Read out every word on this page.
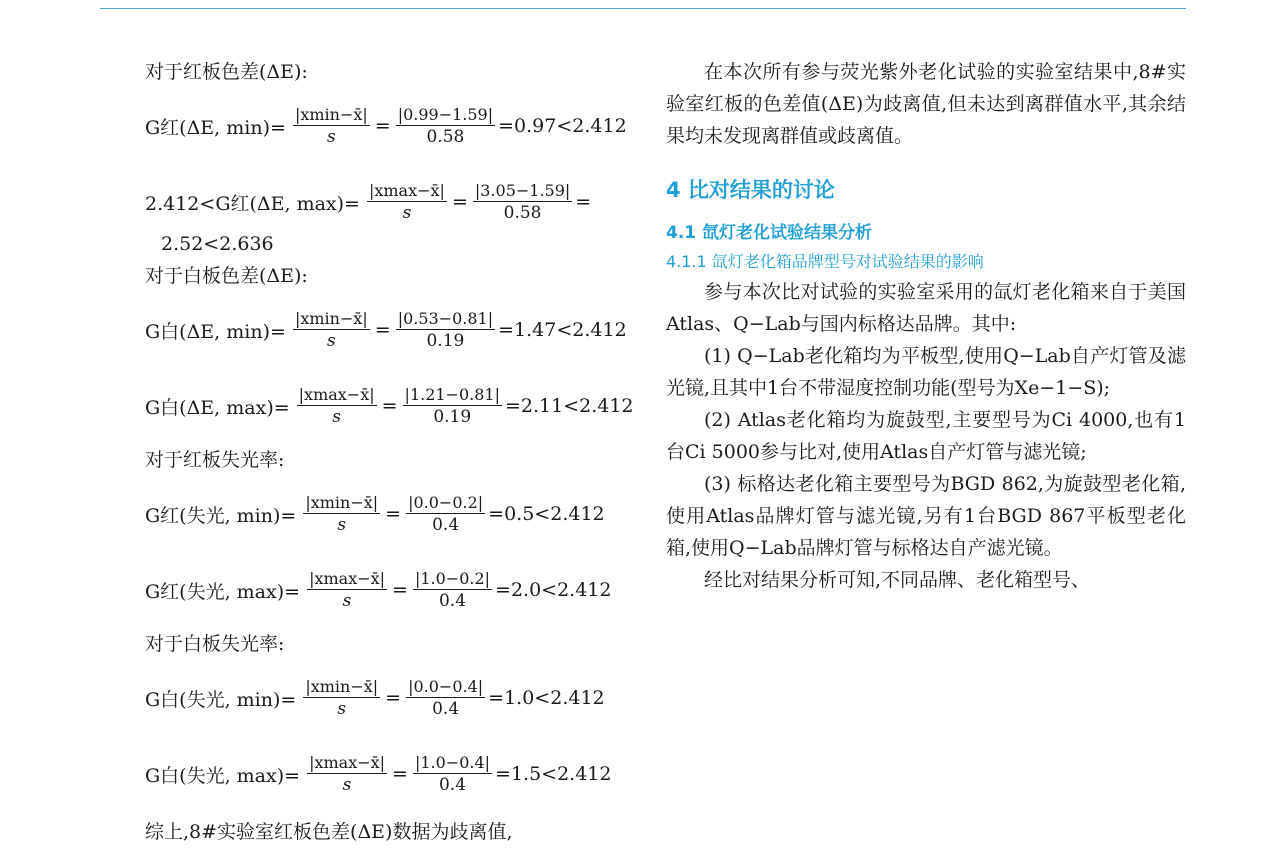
对于红板色差(ΔE):

G红(ΔE, $\min)= \frac{|xmin-x̄|}{s} = \frac{|0.99-1.59|}{0.58} =0.97<2.412$
2.412<G红(ΔE, $\max)= \frac{|xmax-x̄|}{s} = \frac{|3.05-1.59|}{0.58}$ =

2.52<2.636

对于白板色差(ΔE):

G白(ΔE, $\min)= \frac{|xmin-x̄|}{s} = \frac{|0.53-0.81|}{0.19} =1.47<2.412$
G白(ΔE, $\max)= \frac{|xmax-x̄|}{s} = \frac{|1.21-0.81|}{0.19} =2.11<2.412$

对于红板失光率:

G红(失光, $\min)= \frac{|xmin-x̄|}{s} = \frac{|0.0-0.2|}{0.4} =0.5<2.412$
G红(失光, $\max)= \frac{|xmax-x̄|}{s} = \frac{|1.0-0.2|}{0.4} =2.0<2.412$

对于白板失光率:

G白(失光, $\min)= \frac{|xmin-x̄|}{s} = \frac{|0.0-0.4|}{0.4} =1.0<2.412$
G白(失光, $\max)= \frac{|xmax-x̄|}{s} = \frac{|1.0-0.4|}{0.4} =1.5<2.412$

综上,8#实验室红板色差(ΔE)数据为歧离值,

在本次所有参与荧光紫外老化试验的实验室结果中,8#实验室红板的色差值(ΔE)为歧离值,但未达到离群值水平,其余结果均未发现离群值或歧离值。

4 比对结果的讨论

4.1 氙灯老化试验结果分析

4.1.1 氙灯老化箱品牌型号对试验结果的影响

参与本次比对试验的实验室采用的氙灯老化箱来自于美国Atlas、Q−Lab与国内标格达品牌。其中:

(1) Q−Lab老化箱均为平板型,使用Q−Lab自产灯管及滤光镜,且其中1台不带湿度控制功能(型号为Xe−1−S);

(2) Atlas老化箱均为旋鼓型,主要型号为Ci 4000,也有1台Ci 5000参与比对,使用Atlas自产灯管与滤光镜;

(3) 标格达老化箱主要型号为BGD 862,为旋鼓型老化箱,使用Atlas品牌灯管与滤光镜,另有1台BGD 867平板型老化箱,使用Q−Lab品牌灯管与标格达自产滤光镜。

经比对结果分析可知,不同品牌、老化箱型号、
